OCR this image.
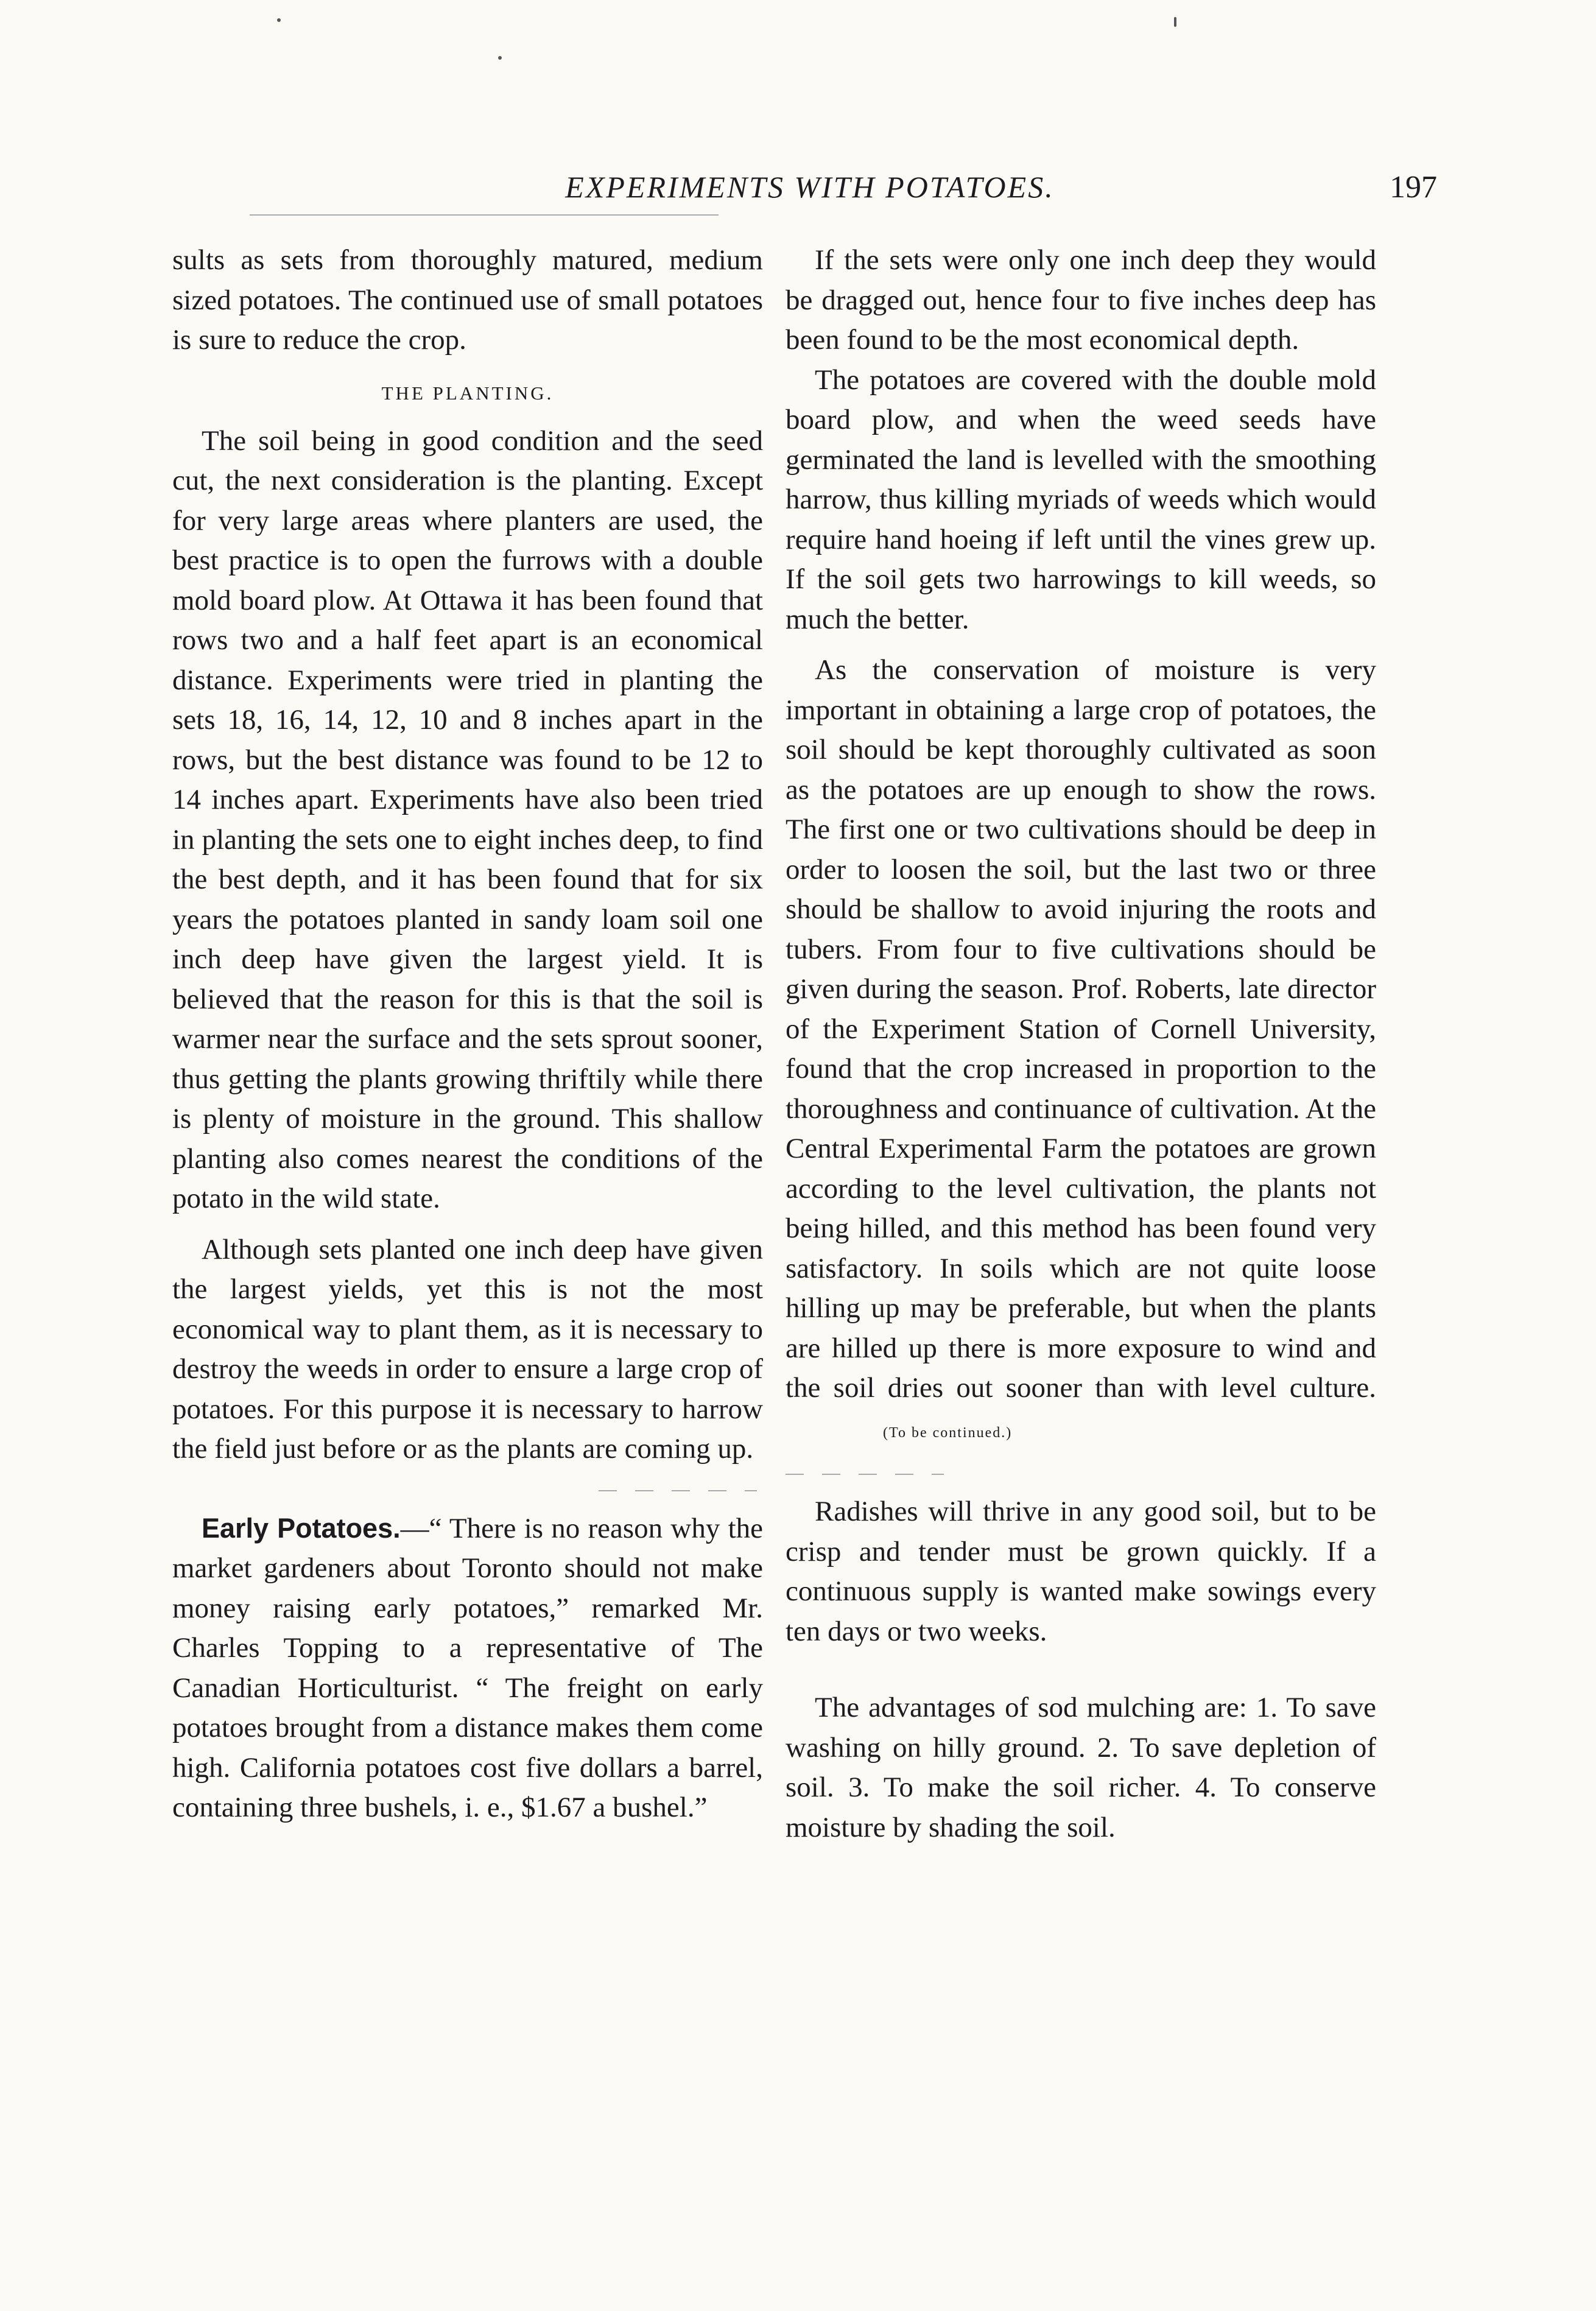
EXPERIMENTS WITH POTATOES.	197

sults as sets from thoroughly matured, medium sized potatoes. The continued use of small potatoes is sure to reduce the crop.

THE PLANTING.

The soil being in good condition and the seed cut, the next consideration is the planting. Except for very large areas where planters are used, the best practice is to open the furrows with a double mold board plow. At Ottawa it has been found that rows two and a half feet apart is an economical distance. Experiments were tried in planting the sets 18, 16, 14, 12, 10 and 8 inches apart in the rows, but the best distance was found to be 12 to 14 inches apart. Experiments have also been tried in planting the sets one to eight inches deep, to find the best depth, and it has been found that for six years the potatoes planted in sandy loam soil one inch deep have given the largest yield. It is believed that the reason for this is that the soil is warmer near the surface and the sets sprout sooner, thus getting the plants growing thriftily while there is plenty of moisture in the ground. This shallow planting also comes nearest the conditions of the potato in the wild state.

Although sets planted one inch deep have given the largest yields, yet this is not the most economical way to plant them, as it is necessary to destroy the weeds in order to ensure a large crop of potatoes. For this purpose it is necessary to harrow the field just before or as the plants are coming up.

Early Potatoes.—“ There is no reason why the market gardeners about Toronto should not make money raising early potatoes,” remarked Mr. Charles Topping to a representative of The Canadian Horticulturist. “ The freight on early potatoes brought from a distance makes them come high. California potatoes cost five dollars a barrel, containing three bushels, i. e., $1.67 a bushel.”

If the sets were only one inch deep they would be dragged out, hence four to five inches deep has been found to be the most economical depth.

The potatoes are covered with the double mold board plow, and when the weed seeds have germinated the land is levelled with the smoothing harrow, thus killing myriads of weeds which would require hand hoeing if left until the vines grew up. If the soil gets two harrowings to kill weeds, so much the better.

As the conservation of moisture is very important in obtaining a large crop of potatoes, the soil should be kept thoroughly cultivated as soon as the potatoes are up enough to show the rows. The first one or two cultivations should be deep in order to loosen the soil, but the last two or three should be shallow to avoid injuring the roots and tubers. From four to five cultivations should be given during the season. Prof. Roberts, late director of the Experiment Station of Cornell University, found that the crop increased in proportion to the thoroughness and continuance of cultivation. At the Central Experimental Farm the potatoes are grown according to the level cultivation, the plants not being hilled, and this method has been found very satisfactory. In soils which are not quite loose hilling up may be preferable, but when the plants are hilled up there is more exposure to wind and the soil dries out sooner than with level culture.(To be continued.)

Radishes will thrive in any good soil, but to be crisp and tender must be grown quickly. If a continuous supply is wanted make sowings every ten days or two weeks.

The advantages of sod mulching are: 1. To save washing on hilly ground. 2. To save depletion of soil. 3. To make the soil richer. 4. To conserve moisture by shading the soil.
